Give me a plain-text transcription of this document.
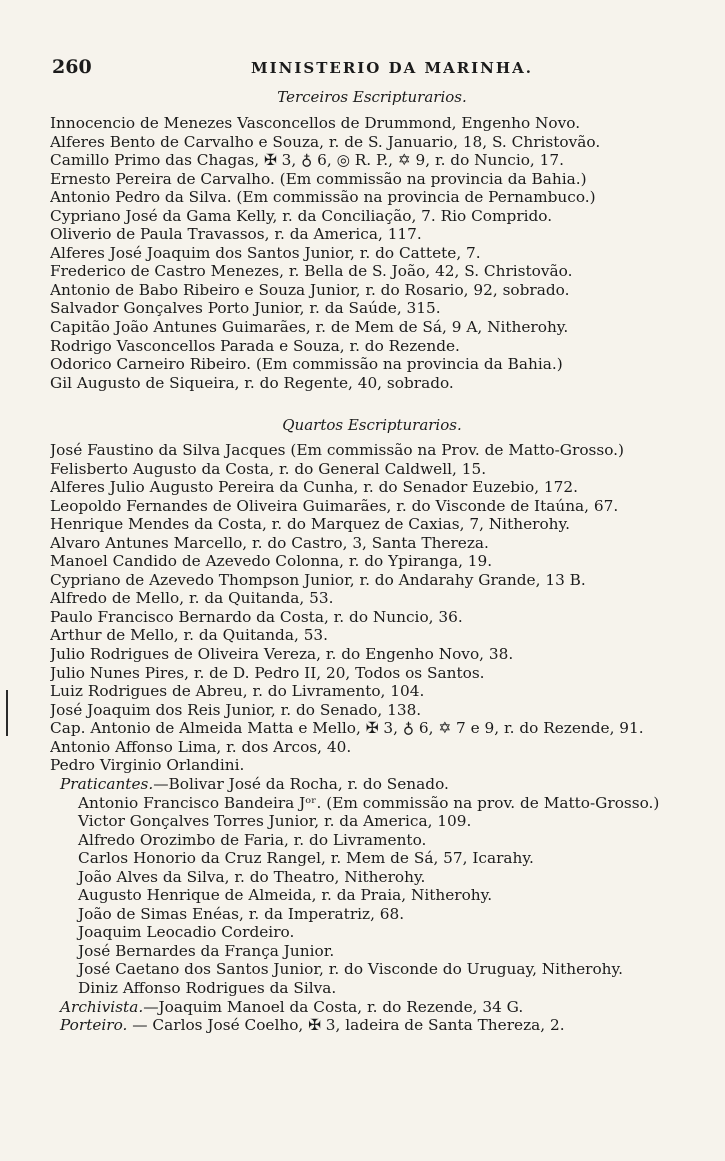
260	MINISTERIO DA MARINHA.
Terceiros Escripturarios.
Innocencio de Menezes Vasconcellos de Drummond, Engenho Novo.
Alferes Bento de Carvalho e Souza, r. de S. Januario, 18, S. Christovão.
Camillo Primo das Chagas, ✠ 3, ♁ 6, ◎ R. P., ✡ 9, r. do Nuncio, 17.
Ernesto Pereira de Carvalho. (Em commissão na provincia da Bahia.)
Antonio Pedro da Silva. (Em commissão na provincia de Pernambuco.)
Cypriano José da Gama Kelly, r. da Conciliação, 7. Rio Comprido.
Oliverio de Paula Travassos, r. da America, 117.
Alferes José Joaquim dos Santos Junior, r. do Cattete, 7.
Frederico de Castro Menezes, r. Bella de S. João, 42, S. Christovão.
Antonio de Babo Ribeiro e Souza Junior, r. do Rosario, 92, sobrado.
Salvador Gonçalves Porto Junior, r. da Saúde, 315.
Capitão João Antunes Guimarães, r. de Mem de Sá, 9 A, Nitherohy.
Rodrigo Vasconcellos Parada e Souza, r. do Rezende.
Odorico Carneiro Ribeiro. (Em commissão na provincia da Bahia.)
Gil Augusto de Siqueira, r. do Regente, 40, sobrado.
Quartos Escripturarios.
José Faustino da Silva Jacques (Em commissão na Prov. de Matto-Grosso.)
Felisberto Augusto da Costa, r. do General Caldwell, 15.
Alferes Julio Augusto Pereira da Cunha, r. do Senador Euzebio, 172.
Leopoldo Fernandes de Oliveira Guimarães, r. do Visconde de Itaúna, 67.
Henrique Mendes da Costa, r. do Marquez de Caxias, 7, Nitherohy.
Alvaro Antunes Marcello, r. do Castro, 3, Santa Thereza.
Manoel Candido de Azevedo Colonna, r. do Ypiranga, 19.
Cypriano de Azevedo Thompson Junior, r. do Andarahy Grande, 13 B.
Alfredo de Mello, r. da Quitanda, 53.
Paulo Francisco Bernardo da Costa, r. do Nuncio, 36.
Arthur de Mello, r. da Quitanda, 53.
Julio Rodrigues de Oliveira Vereza, r. do Engenho Novo, 38.
Julio Nunes Pires, r. de D. Pedro II, 20, Todos os Santos.
Luiz Rodrigues de Abreu, r. do Livramento, 104.
José Joaquim dos Reis Junior, r. do Senado, 138.
Cap. Antonio de Almeida Matta e Mello, ✠ 3, ♁ 6, ✡ 7 e 9, r. do Rezende, 91.
Antonio Affonso Lima, r. dos Arcos, 40.
Pedro Virginio Orlandini.
Praticantes.—Bolivar José da Rocha, r. do Senado.
Antonio Francisco Bandeira Jᵒʳ. (Em commissão na prov. de Matto-Grosso.)
Victor Gonçalves Torres Junior, r. da America, 109.
Alfredo Orozimbo de Faria, r. do Livramento.
Carlos Honorio da Cruz Rangel, r. Mem de Sá, 57, Icarahy.
João Alves da Silva, r. do Theatro, Nitherohy.
Augusto Henrique de Almeida, r. da Praia, Nitherohy.
João de Simas Enéas, r. da Imperatriz, 68.
Joaquim Leocadio Cordeiro.
José Bernardes da França Junior.
José Caetano dos Santos Junior, r. do Visconde do Uruguay, Nitherohy.
Diniz Affonso Rodrigues da Silva.
Archivista.—Joaquim Manoel da Costa, r. do Rezende, 34 G.
Porteiro. — Carlos José Coelho, ✠ 3, ladeira de Santa Thereza, 2.
